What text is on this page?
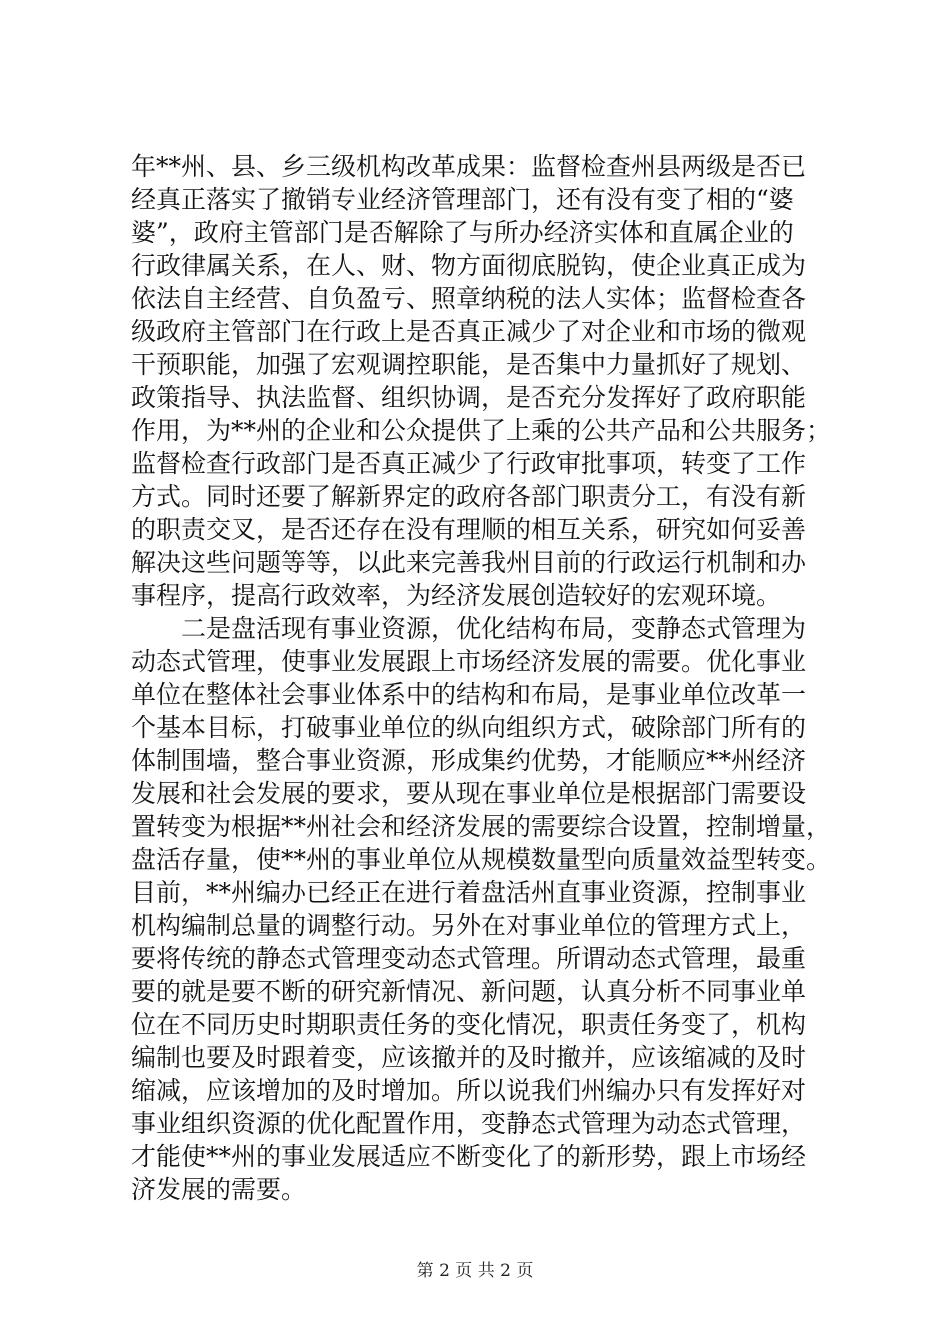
年**州、县、乡三级机构改革成果：监督检查州县两级是否已
经真正落实了撤销专业经济管理部门，还有没有变了相的“婆
婆”，政府主管部门是否解除了与所办经济实体和直属企业的
行政律属关系，在人、财、物方面彻底脱钩，使企业真正成为
依法自主经营、自负盈亏、照章纳税的法人实体；监督检查各
级政府主管部门在行政上是否真正减少了对企业和市场的微观
干预职能，加强了宏观调控职能，是否集中力量抓好了规划、
政策指导、执法监督、组织协调，是否充分发挥好了政府职能
作用，为**州的企业和公众提供了上乘的公共产品和公共服务；
监督检查行政部门是否真正减少了行政审批事项，转变了工作
方式。同时还要了解新界定的政府各部门职责分工，有没有新
的职责交叉，是否还存在没有理顺的相互关系，研究如何妥善
解决这些问题等等，以此来完善我州目前的行政运行机制和办
事程序，提高行政效率，为经济发展创造较好的宏观环境。
　　二是盘活现有事业资源，优化结构布局，变静态式管理为
动态式管理，使事业发展跟上市场经济发展的需要。优化事业
单位在整体社会事业体系中的结构和布局，是事业单位改革一
个基本目标，打破事业单位的纵向组织方式，破除部门所有的
体制围墙，整合事业资源，形成集约优势，才能顺应**州经济
发展和社会发展的要求，要从现在事业单位是根据部门需要设
置转变为根据**州社会和经济发展的需要综合设置，控制增量，
盘活存量，使**州的事业单位从规模数量型向质量效益型转变。
目前，**州编办已经正在进行着盘活州直事业资源，控制事业
机构编制总量的调整行动。另外在对事业单位的管理方式上，
要将传统的静态式管理变动态式管理。所谓动态式管理，最重
要的就是要不断的研究新情况、新问题，认真分析不同事业单
位在不同历史时期职责任务的变化情况，职责任务变了，机构
编制也要及时跟着变，应该撤并的及时撤并，应该缩减的及时
缩减，应该增加的及时增加。所以说我们州编办只有发挥好对
事业组织资源的优化配置作用，变静态式管理为动态式管理，
才能使**州的事业发展适应不断变化了的新形势，跟上市场经
济发展的需要。
第 2 页 共 2 页
